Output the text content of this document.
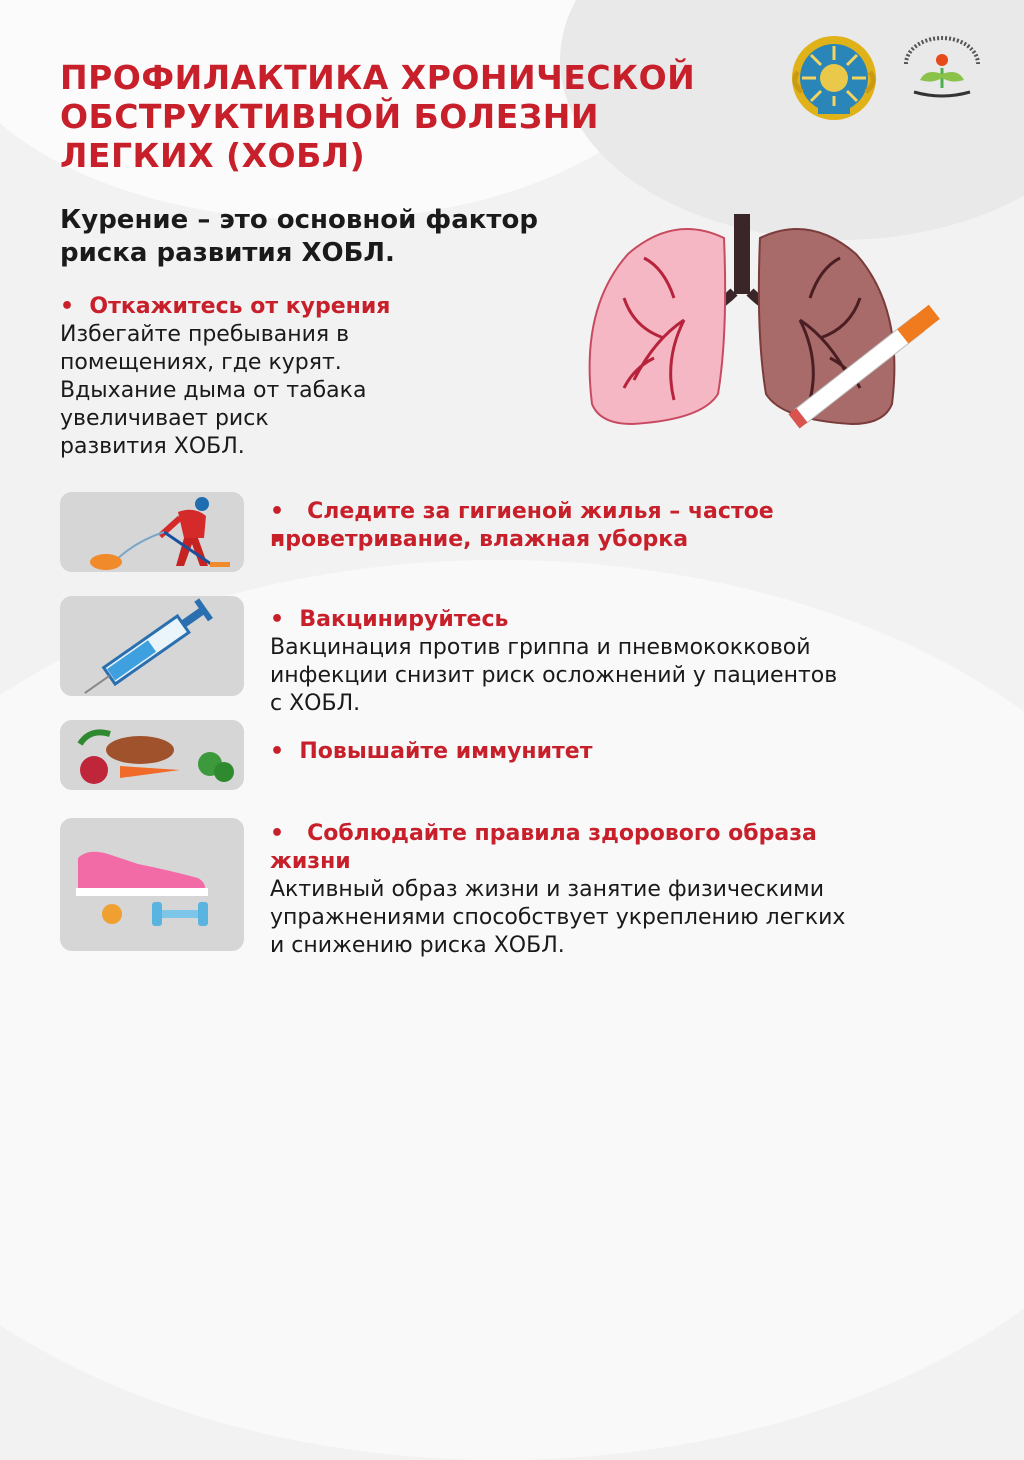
ПРОФИЛАКТИКА ХРОНИЧЕСКОЙ
ОБСТРУКТИВНОЙ БОЛЕЗНИ
ЛЕГКИХ (ХОБЛ)
Курение – это основной фактор
риска развития ХОБЛ.
•  Откажитесь от курения
Избегайте пребывания в
помещениях, где курят.
Вдыхание дыма от табака
увеличивает риск
развития ХОБЛ.
•  Следите за гигиеной жилья – частое
•
проветривание, влажная уборка
•  Вакцинируйтесь
Вакцинация против гриппа и пневмококковой
инфекции снизит риск осложнений у пациентов
с ХОБЛ.
•  Повышайте иммунитет
•  Соблюдайте правила здорового образа
жизни
Активный образ жизни и занятие физическими
упражнениями способствует укреплению легких
и снижению риска ХОБЛ.
